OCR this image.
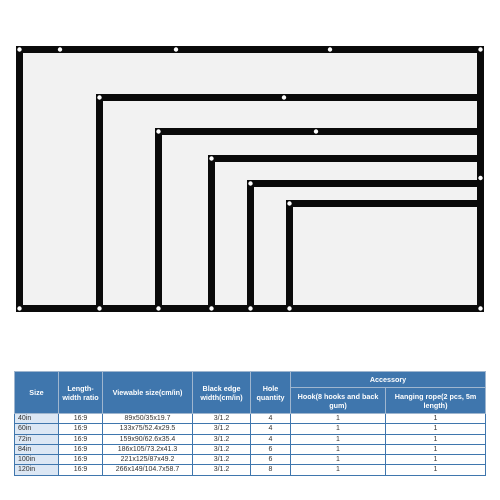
Size	Length-width ratio	Viewable size(cm/in)	Black edge width(cm/in)	Hole quantity	Accessory	
					Hook(8 hooks and back gum)	Hanging rope(2 pcs, 5m length)
40in	16:9	89x50/35x19.7	3/1.2	4	1	1
60in	16:9	133x75/52.4x29.5	3/1.2	4	1	1
72in	16:9	159x90/62.6x35.4	3/1.2	4	1	1
84in	16:9	186x105/73.2x41.3	3/1.2	6	1	1
100in	16:9	221x125/87x49.2	3/1.2	6	1	1
120in	16:9	266x149/104.7x58.7	3/1.2	8	1	1
